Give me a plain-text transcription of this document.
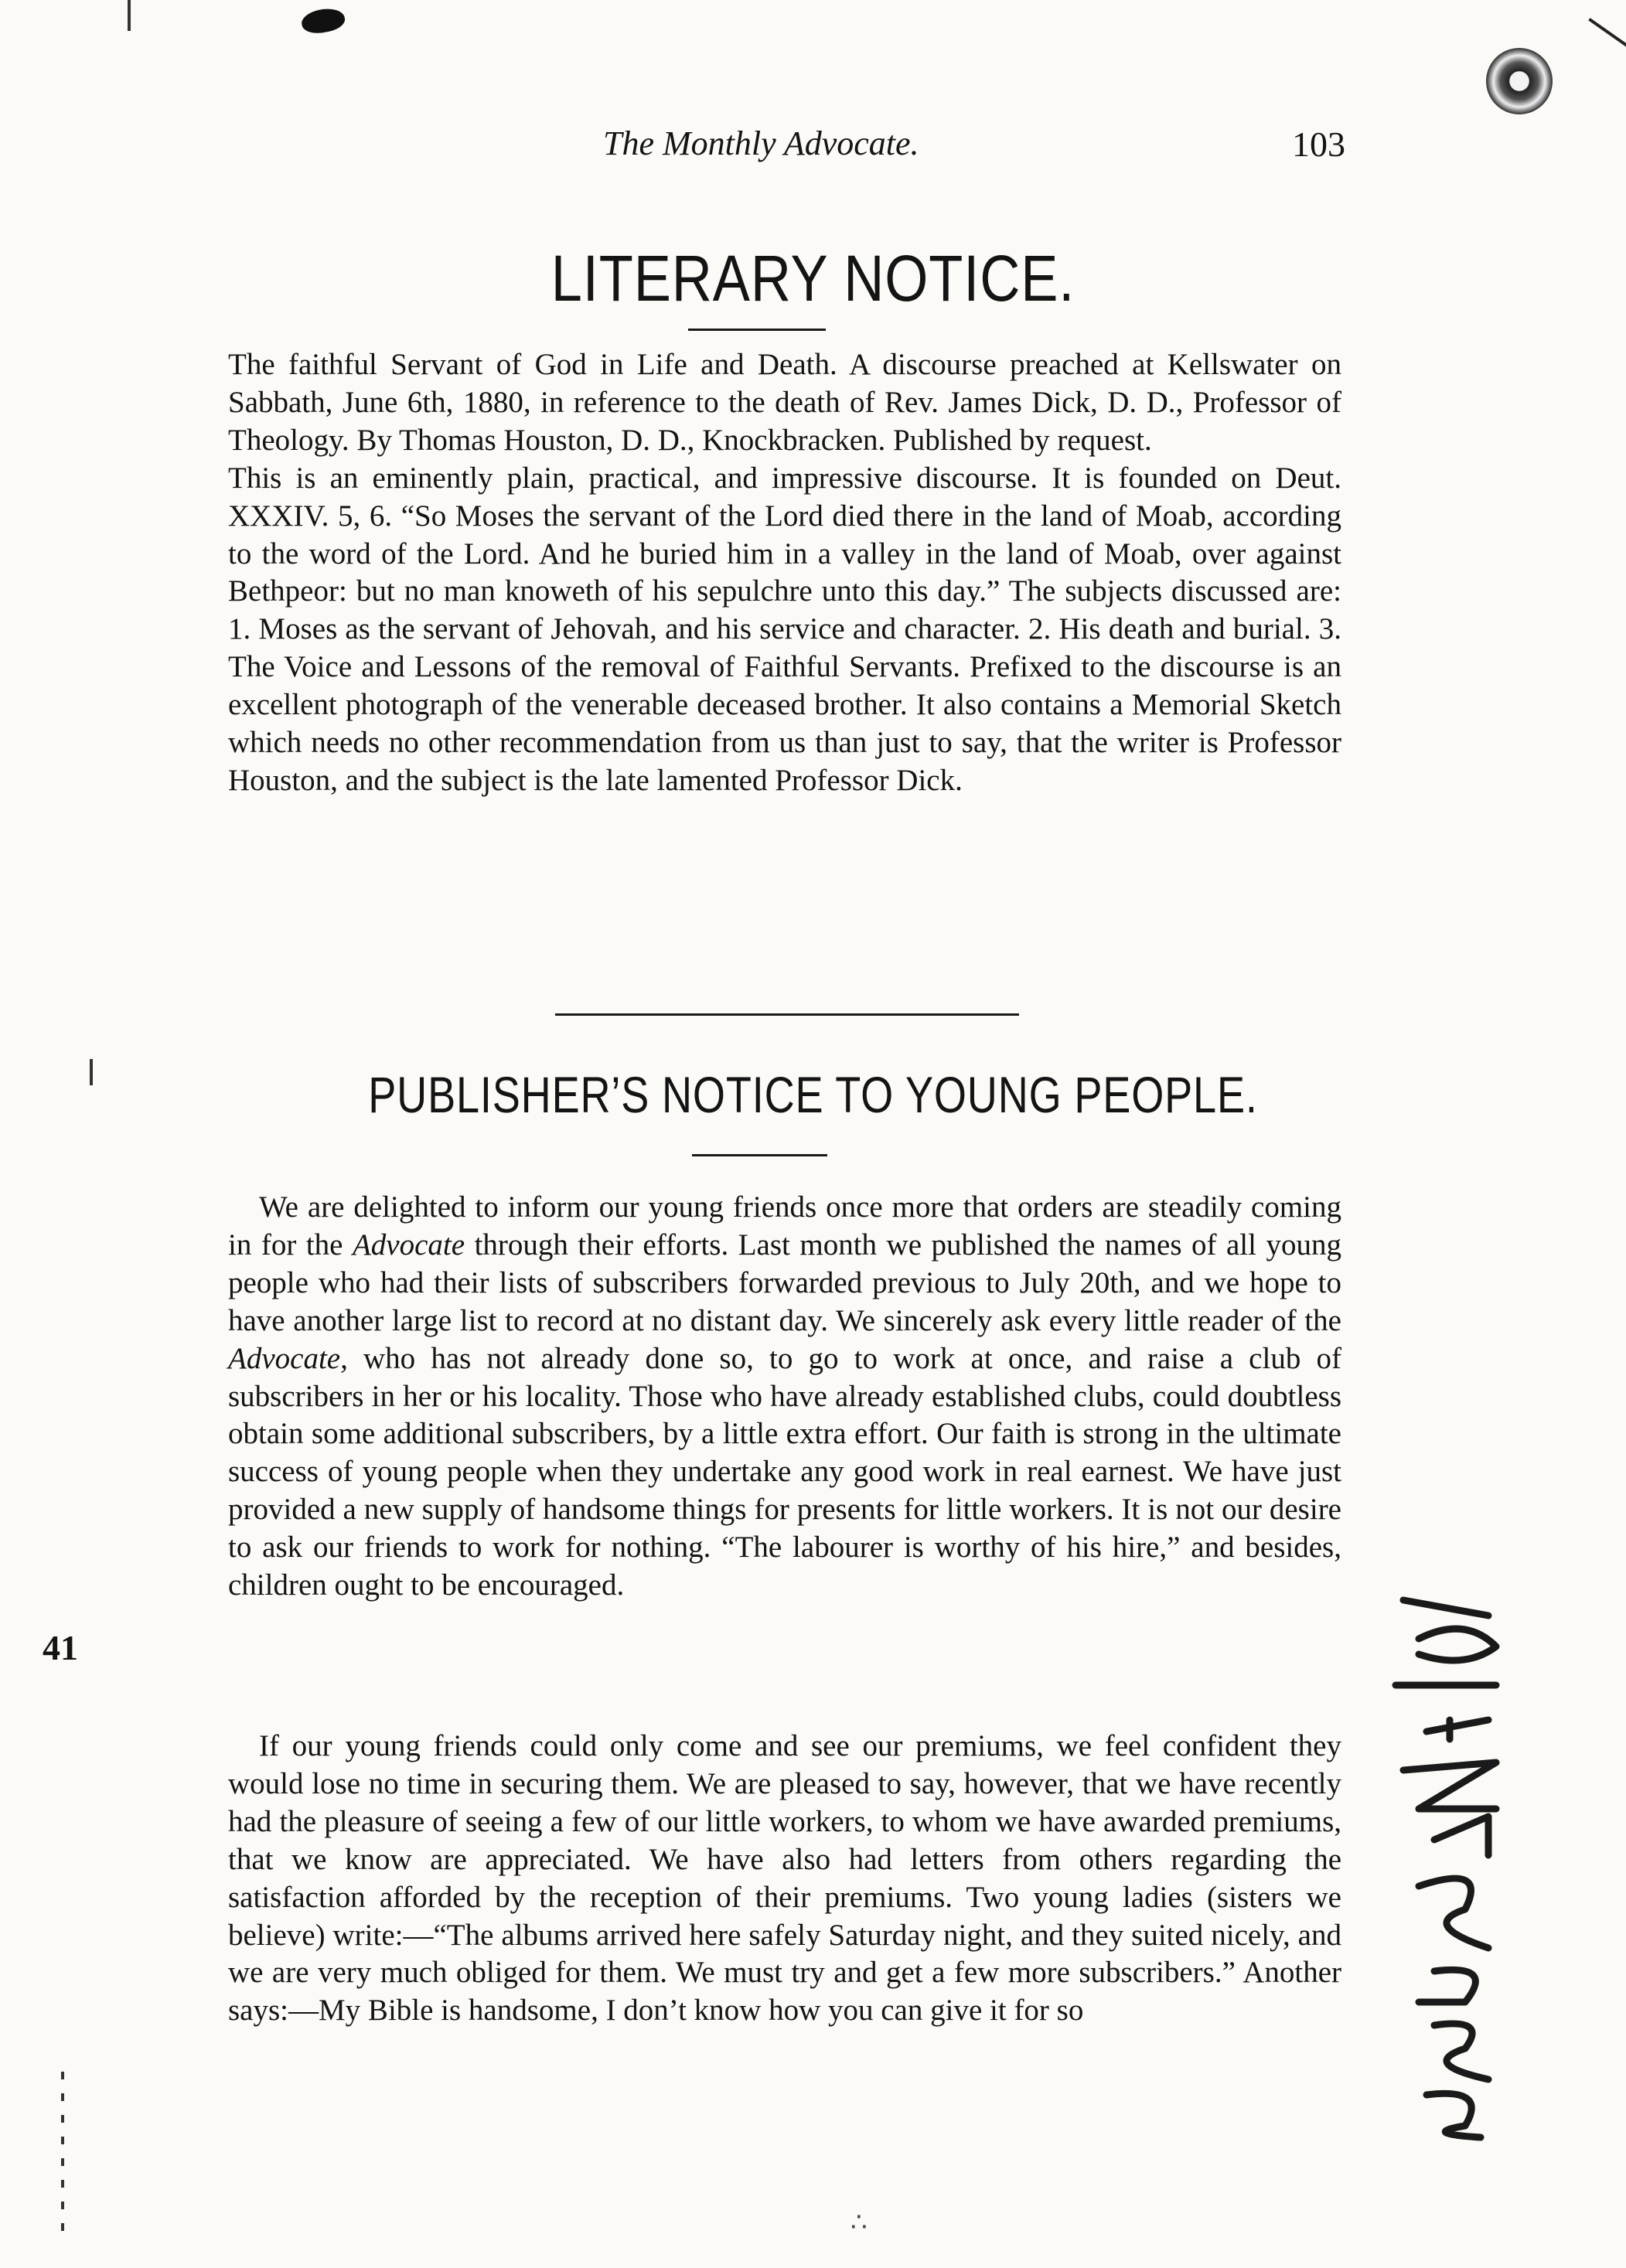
The Monthly Advocate.	103
LITERARY NOTICE.

The faithful Servant of God in Life and Death. A discourse preached at Kellswater on Sabbath, June 6th, 1880, in reference to the death of Rev. James Dick, D. D., Professor of Theology. By Thomas Houston, D. D., Knockbracken. Published by request.

This is an eminently plain, practical, and impressive discourse. It is founded on Deut. XXXIV. 5, 6. “So Moses the servant of the Lord died there in the land of Moab, according to the word of the Lord. And he buried him in a valley in the land of Moab, over against Bethpeor: but no man knoweth of his sepulchre unto this day.” The subjects discussed are: 1. Moses as the servant of Jehovah, and his service and character. 2. His death and burial. 3. The Voice and Lessons of the removal of Faithful Servants. Prefixed to the discourse is an excellent photograph of the venerable deceased brother. It also contains a Memorial Sketch which needs no other recommendation from us than just to say, that the writer is Professor Houston, and the subject is the late lamented Professor Dick.

PUBLISHER’S NOTICE TO YOUNG PEOPLE.

We are delighted to inform our young friends once more that orders are steadily coming in for the Advocate through their efforts. Last month we published the names of all young people who had their lists of subscribers forwarded previous to July 20th, and we hope to have another large list to record at no distant day. We sincerely ask every little reader of the Advocate, who has not already done so, to go to work at once, and raise a club of subscribers in her or his locality. Those who have already established clubs, could doubtless obtain some additional subscribers, by a little extra effort. Our faith is strong in the ultimate success of young people when they undertake any good work in real earnest. We have just provided a new supply of handsome things for presents for little workers. It is not our desire to ask our friends to work for nothing. “The labourer is worthy of his hire,” and besides, children ought to be encouraged.

If our young friends could only come and see our premiums, we feel confident they would lose no time in securing them. We are pleased to say, however, that we have recently had the pleasure of seeing a few of our little workers, to whom we have awarded premiums, that we know are appreciated. We have also had letters from others regarding the satisfaction afforded by the reception of their premiums. Two young ladies (sisters we believe) write:—“The albums arrived here safely Saturday night, and they suited nicely, and we are very much obliged for them. We must try and get a few more subscribers.” Another says:—My Bible is handsome, I don’t know how you can give it for so

41
∴
